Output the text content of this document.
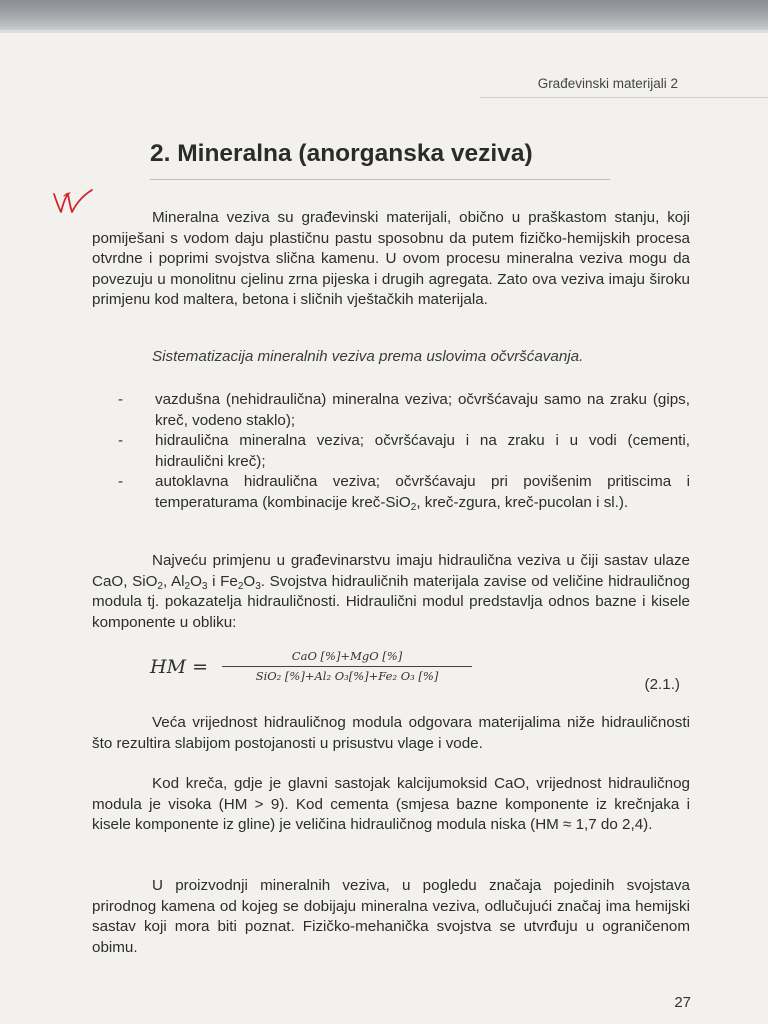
Građevinski materijali 2
2. Mineralna (anorganska veziva)

Mineralna veziva su građevinski materijali, obično u praškastom stanju, koji pomiješani s vodom daju plastičnu pastu sposobnu da putem fizičko-hemijskih procesa otvrdne i poprimi svojstva slična kamenu. U ovom procesu mineralna veziva mogu da povezuju u monolitnu cjelinu zrna pijeska i drugih agregata. Zato ova veziva imaju široku primjenu kod maltera, betona i sličnih vještačkih materijala.

Sistematizacija mineralnih veziva prema uslovima očvršćavanja.

- vazdušna (nehidraulična) mineralna veziva; očvršćavaju samo na zraku (gips, kreč, vodeno staklo);
- hidraulična mineralna veziva; očvršćavaju i na zraku i u vodi (cementi, hidraulični kreč);
- autoklavna hidraulična veziva; očvršćavaju pri povišenim pritiscima i temperaturama (kombinacije kreč-SiO$_2$, kreč-zgura, kreč-pucolan i sl.).

Najveću primjenu u građevinarstvu imaju hidraulična veziva u čiji sastav ulaze CaO, SiO$_2$, $Al_2O_3$ i $Fe_2O_3$. Svojstva hidrauličnih materijala zavise od veličine hidrauličnog modula tj. pokazatelja hidrauličnosti. Hidraulični modul predstavlja odnos bazne i kisele komponente u obliku:

HM =	CaO [%]+MgO [%]
SiO₂ [%]+Al₂ O₃[%]+Fe₂ O₃ [%]	(2.1.)

Veća vrijednost hidrauličnog modula odgovara materijalima niže hidrauličnosti što rezultira slabijom postojanosti u prisustvu vlage i vode.

Kod kreča, gdje je glavni sastojak kalcijumoksid CaO, vrijednost hidrauličnog modula je visoka (HM > 9). Kod cementa (smjesa bazne komponente iz krečnjaka i kisele komponente iz gline) je veličina hidrauličnog modula niska (HM ≈ 1,7 do 2,4).

U proizvodnji mineralnih veziva, u pogledu značaja pojedinih svojstava prirodnog kamena od kojeg se dobijaju mineralna veziva, odlučujući značaj ima hemijski sastav koji mora biti poznat. Fizičko-mehanička svojstva se utvrđuju u ograničenom obimu.

27
